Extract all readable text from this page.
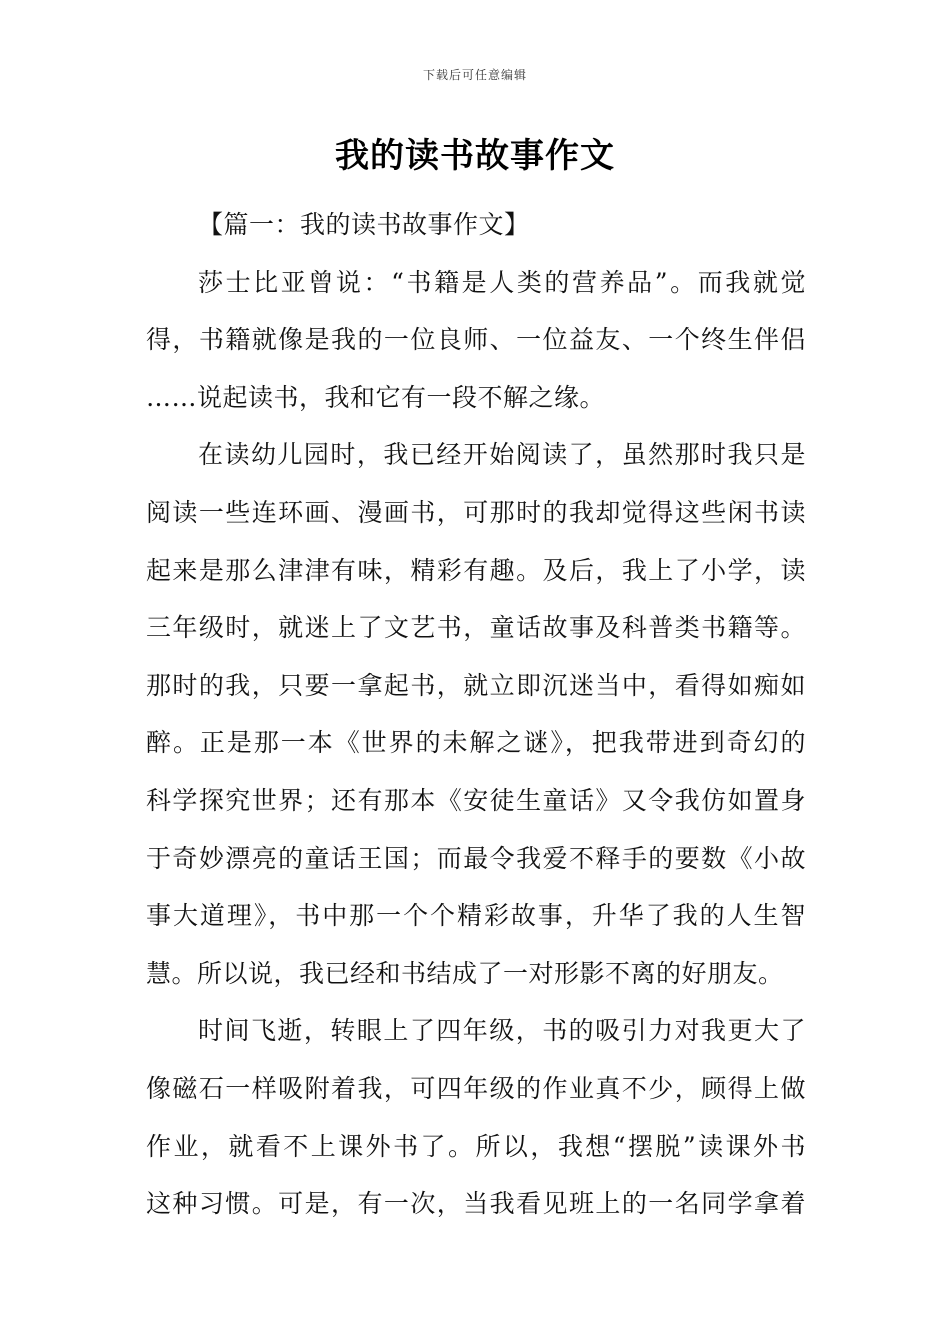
下载后可任意编辑
我的读书故事作文
【篇一：我的读书故事作文】
莎士比亚曾说：“书籍是人类的营养品”。而我就觉
得，书籍就像是我的一位良师、一位益友、一个终生伴侣
……说起读书，我和它有一段不解之缘。
在读幼儿园时，我已经开始阅读了，虽然那时我只是
阅读一些连环画、漫画书，可那时的我却觉得这些闲书读
起来是那么津津有味，精彩有趣。及后，我上了小学，读
三年级时，就迷上了文艺书，童话故事及科普类书籍等。
那时的我，只要一拿起书，就立即沉迷当中，看得如痴如
醉。正是那一本《世界的未解之谜》，把我带进到奇幻的
科学探究世界；还有那本《安徒生童话》又令我仿如置身
于奇妙漂亮的童话王国；而最令我爱不释手的要数《小故
事大道理》，书中那一个个精彩故事，升华了我的人生智
慧。所以说，我已经和书结成了一对形影不离的好朋友。
时间飞逝，转眼上了四年级，书的吸引力对我更大了
像磁石一样吸附着我，可四年级的作业真不少，顾得上做
作业，就看不上课外书了。所以，我想“摆脱”读课外书
这种习惯。可是，有一次，当我看见班上的一名同学拿着
